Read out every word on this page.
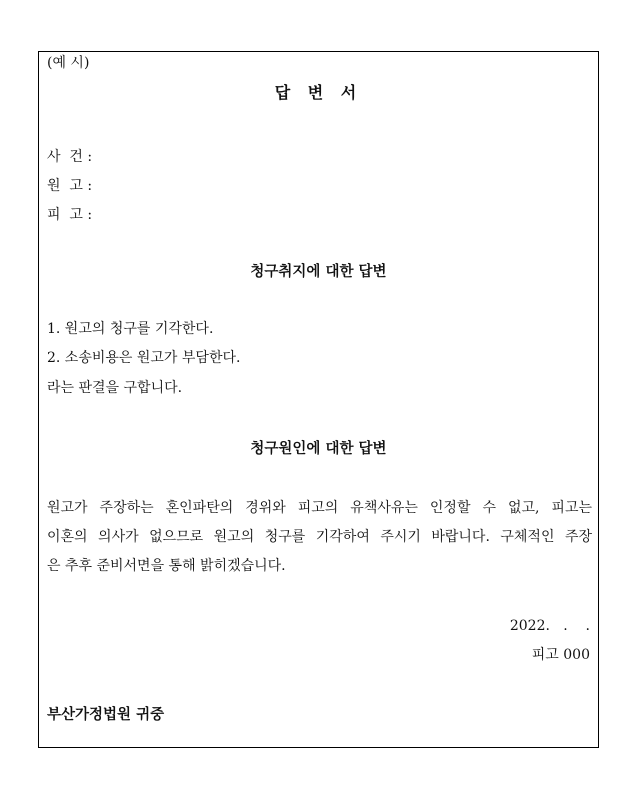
(예 시)
답 변 서
사  건 :
원  고 :
피  고 :
청구취지에 대한 답변
1. 원고의 청구를 기각한다.
2. 소송비용은 원고가 부담한다.
라는 판결을 구합니다.
청구원인에 대한 답변
원고가 주장하는 혼인파탄의 경위와 피고의 유책사유는 인정할 수 없고, 피고는
이혼의 의사가 없으므로 원고의 청구를 기각하여 주시기 바랍니다. 구체적인 주장
은 추후 준비서면을 통해 밝히겠습니다.
2022.   .    .
피고 000
부산가정법원 귀중
